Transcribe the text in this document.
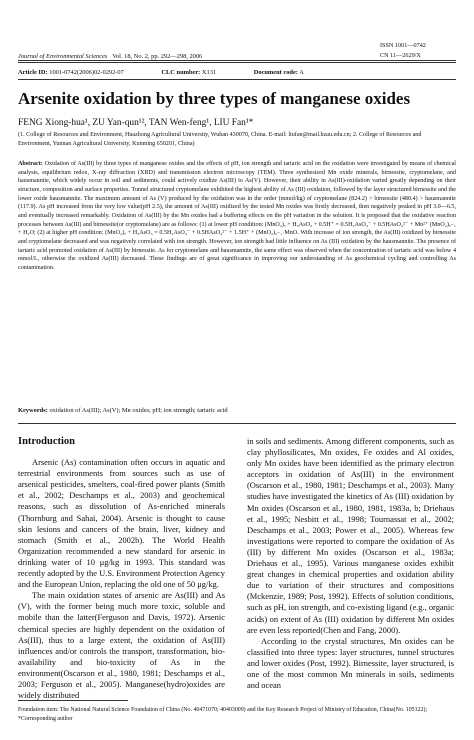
ISSN 1001—0742
CN 11—2629/X
Journal of Environmental Sciences Vol. 18, No. 2, pp. 292—298, 2006
Article ID: 1001-0742(2006)02-0292-07	CLC number: X131	Document code: A
Arsenite oxidation by three types of manganese oxides
FENG Xiong-hua¹, ZU Yan-qun¹², TAN Wen-feng¹, LIU Fan¹*
(1. College of Resources and Environment, Huazhong Agricultural University, Wuhan 430070, China. E-mail: liufan@mail.hzau.edu.cn; 2. College of Resources and Environment, Yunnan Agricultural University, Kunming 650201, China)
Abstract: Oxidation of As(III) by three types of manganese oxides and the effects of pH, ion strength and tartaric acid on the oxidation were investigated by means of chemical analysis, equilibrium redox, X-ray diffraction (XRD) and transmission electron microscopy (TEM). Three synthesized Mn oxide minerals, birnessite, cryptomelane, and hausmannite, which widely occur in soil and sediments, could actively oxidize As(III) to As(V). However, their ability in As(III)-oxidation varied greatly depending on their structure, composition and surface properties. Tunnel structured cryptomelane exhibited the highest ability of As (III) oxidation, followed by the layer structured birnessite and the lower oxide hausmannite. The maximum amount of As (V) produced by the oxidation was in the order (mmol/kg) of cryptomelane (824.2) > birnessite (480.4) > hausmannite (117.9). As pH increased from the very low value(pH 2.5), the amount of As(III) oxidized by the tested Mn oxides was firstly decreased, then negatively peaked in pH 3.0—6.5, and eventually increased remarkably. Oxidation of As(III) by the Mn oxides had a buffering effects on the pH variation in the solution. It is proposed that the oxidative reaction processes between As(III) and birnessite(or cryptomelane) are as follows: (1) at lower pH condition: (MnO₂)ₓ + H₃AsO₃ + 0.5H⁺ = 0.5H₂AsO₄⁻ + 0.5HAsO₄²⁻ + Mn²⁺ (MnO₂)ₓ₋₁ + H₂O; (2) at higher pH condition: (MnO₂)ₓ + H₃AsO₃ = 0.5H₂AsO₄⁻ + 0.5HAsO₄²⁻ + 1.5H⁺ + (MnO₂)ₓ₋₁·MnO. With increase of ion strength, the As(III) oxidized by birnessite and cryptomelane decreased and was negatively correlated with ion strength. However, ion strength had little influence on As (III) oxidation by the hausmannite. The presence of tartaric acid promoted oxidation of As(III) by birnessite. As for cryptomelane and hausmannite, the same effect was observed when the concentration of tartaric acid was below 4 mmol/L, otherwise the oxidized As(III) decreased. These findings are of great significance in improving our understanding of As geochemical cycling and controlling As contamination.
Keywords: oxidation of As(III); As(V); Mn oxides; pH; ion strength; tartaric acid
Introduction

Arsenic (As) contamination often occurs in aquatic and terrestrial environments from sources such as use of arsenical pesticides, smelters, coal-fired power plants (Smith et al., 2002; Deschamps et al., 2003) and geochemical reasons, such as dissolution of As-enriched minerals (Thornburg and Sahai, 2004). Arsenic is thought to cause skin lesions and cancers of the brain, liver, kidney and stomach (Smith et al., 2002b). The World Health Organization recommended a new standard for arsenic in drinking water of 10 μg/kg in 1993. This standard was recently adopted by the U.S. Environment Protection Agency and the European Union, replacing the old one of 50 μg/kg.

The main oxidation states of arsenic are As(III) and As (V), with the former being much more toxic, soluble and mobile than the latter(Ferguson and Davis, 1972). Arsenic chemical species are highly dependent on the oxidation of As(III), thus to a large extent, the oxidation of As(III) influences and/or controls the transport, transformation, bio-availability and bio-toxicity of As in the environment(Oscarson et al., 1980, 1981; Deschamps et al., 2003; Ferguson et al., 2005). Manganese(hydro)oxides are widely distributed

in soils and sediments. Among different components, such as clay phyllosilicates, Mn oxides, Fe oxides and Al oxides, only Mn oxides have been identified as the primary electron acceptors in oxidation of As(III) in the environment (Oscarson et al., 1980, 1981; Deschamps et al., 2003). Many studies have investigated the kinetics of As (III) oxidation by Mn oxides (Oscarson et al., 1980, 1981, 1983a, b; Driehaus et al., 1995; Nesbitt et al., 1998; Tournassat et al., 2002; Deschamps et al., 2003; Power et al., 2005). Whereas few investigations were reported to compare the oxidation of As (III) by different Mn oxides (Oscarson et al., 1983a; Driehaus et al., 1995). Various manganese oxides exhibit great changes in chemical properties and oxidation ability due to variation of their structures and compositions (Mckenzie, 1989; Post, 1992). Effects of solution conditions, such as pH, ion strength, and co-existing ligand (e.g., organic acids) on extent of As (III) oxidation by different Mn oxides are even less reported(Chen and Fang, 2000).

According to the crystal structures, Mn oxides can be classified into three types: layer structures, tunnel structures and lower oxides (Post, 1992). Birnessite, layer structured, is one of the most common Mn minerals in soils, sediments and ocean

Foundation item: The National Natural Science Foundation of China (No. 40471070; 40403009) and the Key Research Project of Ministry of Education, China(No. 105122); *Corresponding author
